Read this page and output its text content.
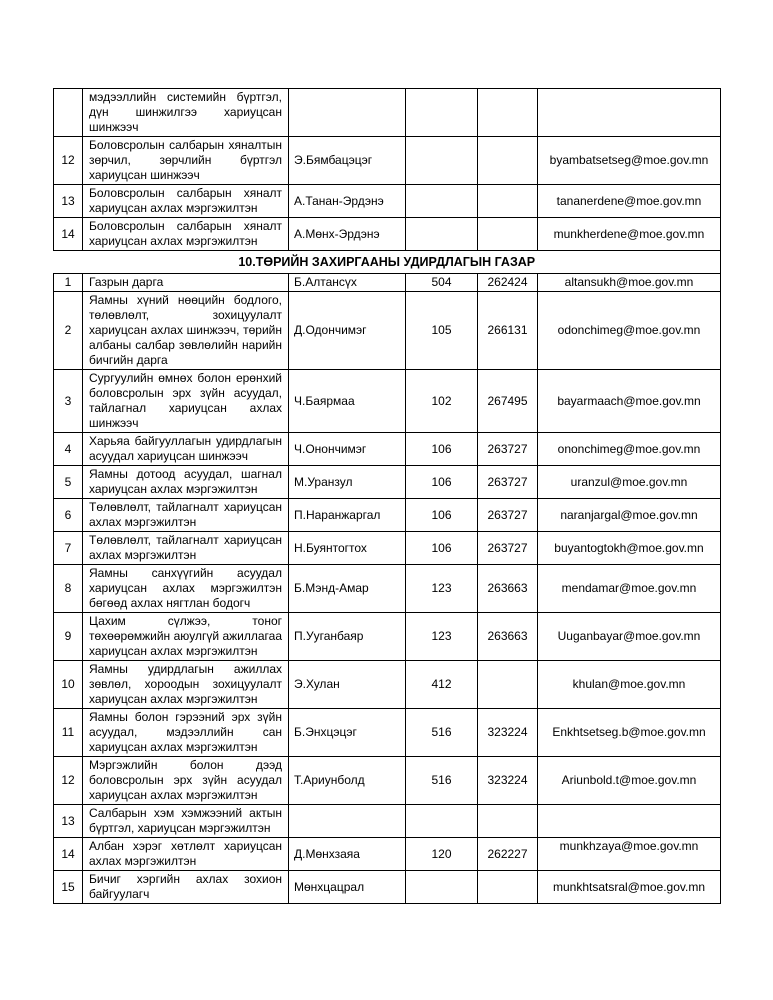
	мэдээллийн системийн бүртгэл, дүн шинжилгээ хариуцсан шинжээч				
12	Боловсролын салбарын хяналтын зөрчил, зөрчлийн бүртгэл хариуцсан шинжээч	Э.Бямбацэцэг			byambatsetseg@moe.gov.mn
13	Боловсролын салбарын хяналт хариуцсан ахлах мэргэжилтэн	А.Танан-Эрдэнэ			tananerdene@moe.gov.mn
14	Боловсролын салбарын хяналт хариуцсан ахлах мэргэжилтэн	А.Мөнх-Эрдэнэ			munkherdene@moe.gov.mn
10.ТӨРИЙН ЗАХИРГААНЫ УДИРДЛАГЫН ГАЗАР					
1	Газрын дарга	Б.Алтансүх	504	262424	altansukh@moe.gov.mn
2	Яамны хүний нөөцийн бодлого, төлөвлөлт, зохицуулалт хариуцсан ахлах шинжээч, төрийн албаны салбар зөвлөлийн нарийн бичгийн дарга	Д.Одончимэг	105	266131	odonchimeg@moe.gov.mn
3	Сургуулийн өмнөх болон ерөнхий боловсролын эрх зүйн асуудал, тайлагнал хариуцсан ахлах шинжээч	Ч.Баярмаа	102	267495	bayarmaach@moe.gov.mn
4	Харьяа байгууллагын удирдлагын асуудал хариуцсан шинжээч	Ч.Онончимэг	106	263727	ononchimeg@moe.gov.mn
5	Яамны дотоод асуудал, шагнал хариуцсан ахлах мэргэжилтэн	М.Уранзул	106	263727	uranzul@moe.gov.mn
6	Төлөвлөлт, тайлагналт хариуцсан ахлах мэргэжилтэн	П.Наранжаргал	106	263727	naranjargal@moe.gov.mn
7	Төлөвлөлт, тайлагналт хариуцсан ахлах мэргэжилтэн	Н.Буянтогтох	106	263727	buyantogtokh@moe.gov.mn
8	Яамны санхүүгийн асуудал хариуцсан ахлах мэргэжилтэн бөгөөд ахлах нягтлан бодогч	Б.Мэнд-Амар	123	263663	mendamar@moe.gov.mn
9	Цахим сүлжээ, тоног төхөөрөмжийн аюулгүй ажиллагаа хариуцсан ахлах мэргэжилтэн	П.Ууганбаяр	123	263663	Uuganbayar@moe.gov.mn
10	Яамны удирдлагын ажиллах зөвлөл, хороодын зохицуулалт хариуцсан ахлах мэргэжилтэн	Э.Хулан	412		khulan@moe.gov.mn
11	Яамны болон гэрээний эрх зүйн асуудал, мэдээллийн сан хариуцсан ахлах мэргэжилтэн	Б.Энхцэцэг	516	323224	Enkhtsetseg.b@moe.gov.mn
12	Мэргэжлийн болон дээд боловсролын эрх зүйн асуудал хариуцсан ахлах мэргэжилтэн	Т.Ариунболд	516	323224	Ariunbold.t@moe.gov.mn
13	Салбарын хэм хэмжээний актын бүртгэл, хариуцсан мэргэжилтэн				
14	Албан хэрэг хөтлөлт хариуцсан ахлах мэргэжилтэн	Д.Мөнхзаяа	120	262227	munkhzaya@moe.gov.mn
15	Бичиг хэргийн ахлах зохион байгуулагч	Мөнхцацрал			munkhtsatsral@moe.gov.mn
